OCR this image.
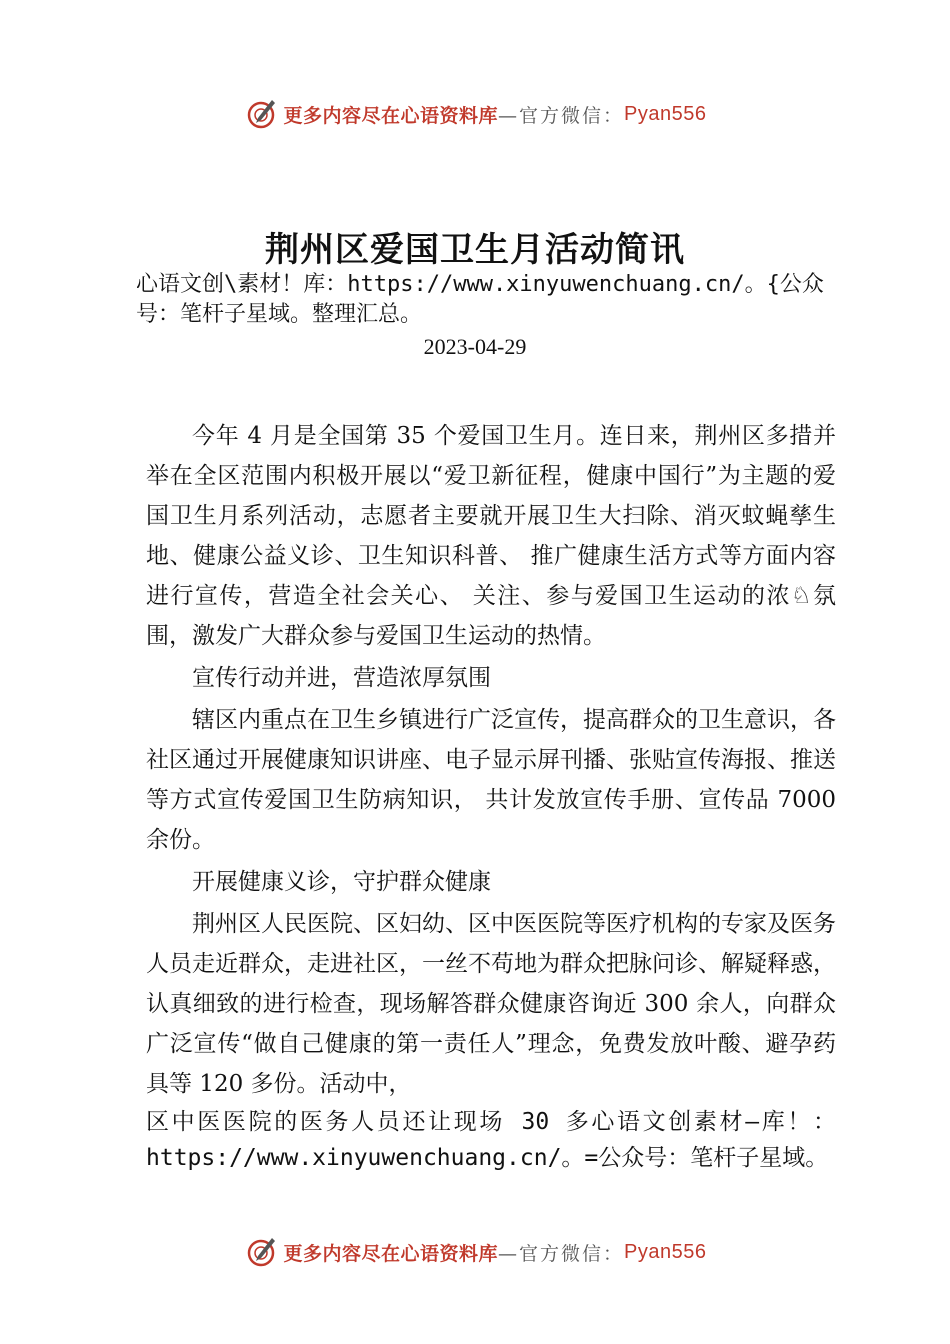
更多内容尽在心语资料库 —官方微信： Pyan556
荆州区爱国卫生月活动简讯
心语文创\素材！库：https://www.xinyuwenchuang.cn/。{公众号：笔杆子星域。整理汇总。
2023-04-29

今年 4 月是全国第 35 个爱国卫生月。连日来，荆州区多措并举在全区范围内积极开展以“爱卫新征程，健康中国行”为主题的爱国卫生月系列活动，志愿者主要就开展卫生大扫除、消灭蚊蝇孳生地、健康公益义诊、卫生知识科普、 推广健康生活方式等方面内容进行宣传，营造全社会关心、 关注、参与爱国卫生运动的浓♘氛围，激发广大群众参与爱国卫生运动的热情。

宣传行动并进，营造浓厚氛围

辖区内重点在卫生乡镇进行广泛宣传，提高群众的卫生意识，各社区通过开展健康知识讲座、电子显示屏刊播、张贴宣传海报、推送等方式宣传爱国卫生防病知识， 共计发放宣传手册、宣传品 7000 余份。

开展健康义诊，守护群众健康

荆州区人民医院、区妇幼、区中医医院等医疗机构的专家及医务人员走近群众，走进社区，一丝不苟地为群众把脉问诊、解疑释惑，认真细致的进行检查，现场解答群众健康咨询近 300 余人，向群众广泛宣传“做自己健康的第一责任人”理念，免费发放叶酸、避孕药具等 120 多份。活动中，

区中医医院的医务人员还让现场 30 多心语文创素材—库！：https://www.xinyuwenchuang.cn/。=公众号：笔杆子星域。

更多内容尽在心语资料库 —官方微信： Pyan556
